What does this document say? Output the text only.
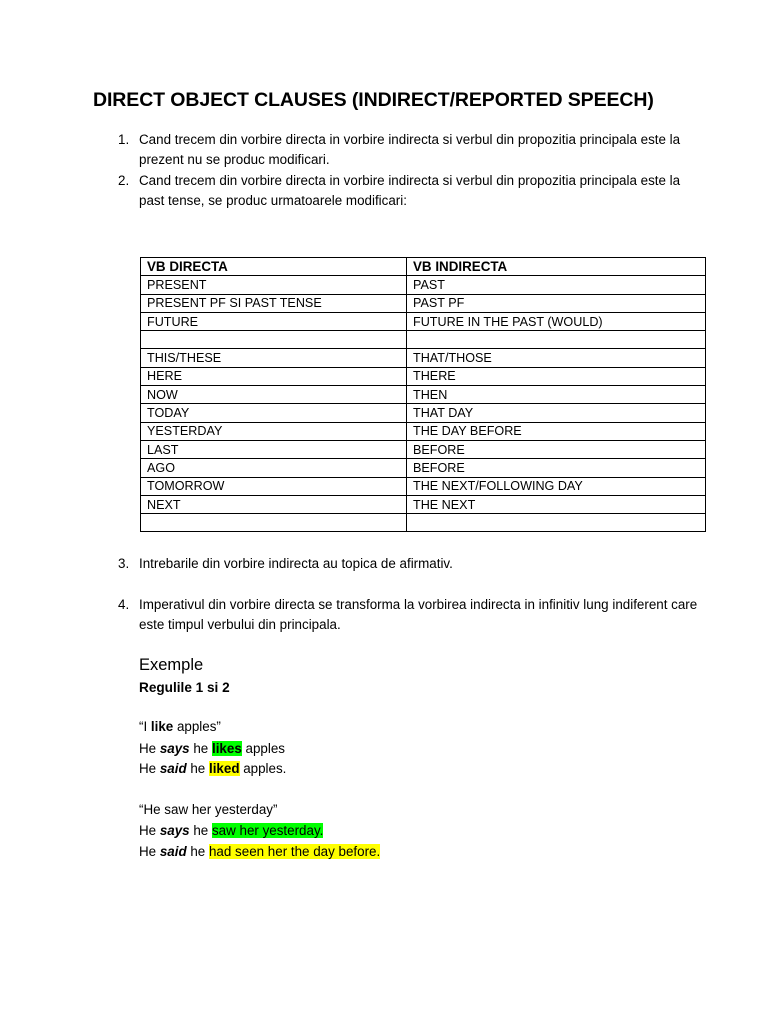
DIRECT OBJECT CLAUSES (INDIRECT/REPORTED SPEECH)
1. Cand trecem din vorbire directa in vorbire indirecta si verbul din propozitia principala este la prezent nu se produc modificari.
2. Cand trecem din vorbire directa in vorbire indirecta si verbul din propozitia principala este la past tense, se produc urmatoarele modificari:
VB DIRECTA	VB INDIRECTA
PRESENT	PAST
PRESENT PF SI PAST TENSE	PAST PF
FUTURE	FUTURE IN THE PAST (WOULD)

THIS/THESE	THAT/THOSE
HERE	THERE
NOW	THEN
TODAY	THAT DAY
YESTERDAY	THE DAY BEFORE
LAST	BEFORE
AGO	BEFORE
TOMORROW	THE NEXT/FOLLOWING DAY
NEXT	THE NEXT

3. Intrebarile din vorbire indirecta au topica de afirmativ.
4. Imperativul din vorbire directa se transforma la vorbirea indirecta in infinitiv lung indiferent care este timpul verbului din principala.
Exemple
Regulile 1 si 2
“I like apples”
He says he likes apples
He said he liked apples.
“He saw her yesterday”
He says he saw her yesterday.
He said he had seen her the day before.
